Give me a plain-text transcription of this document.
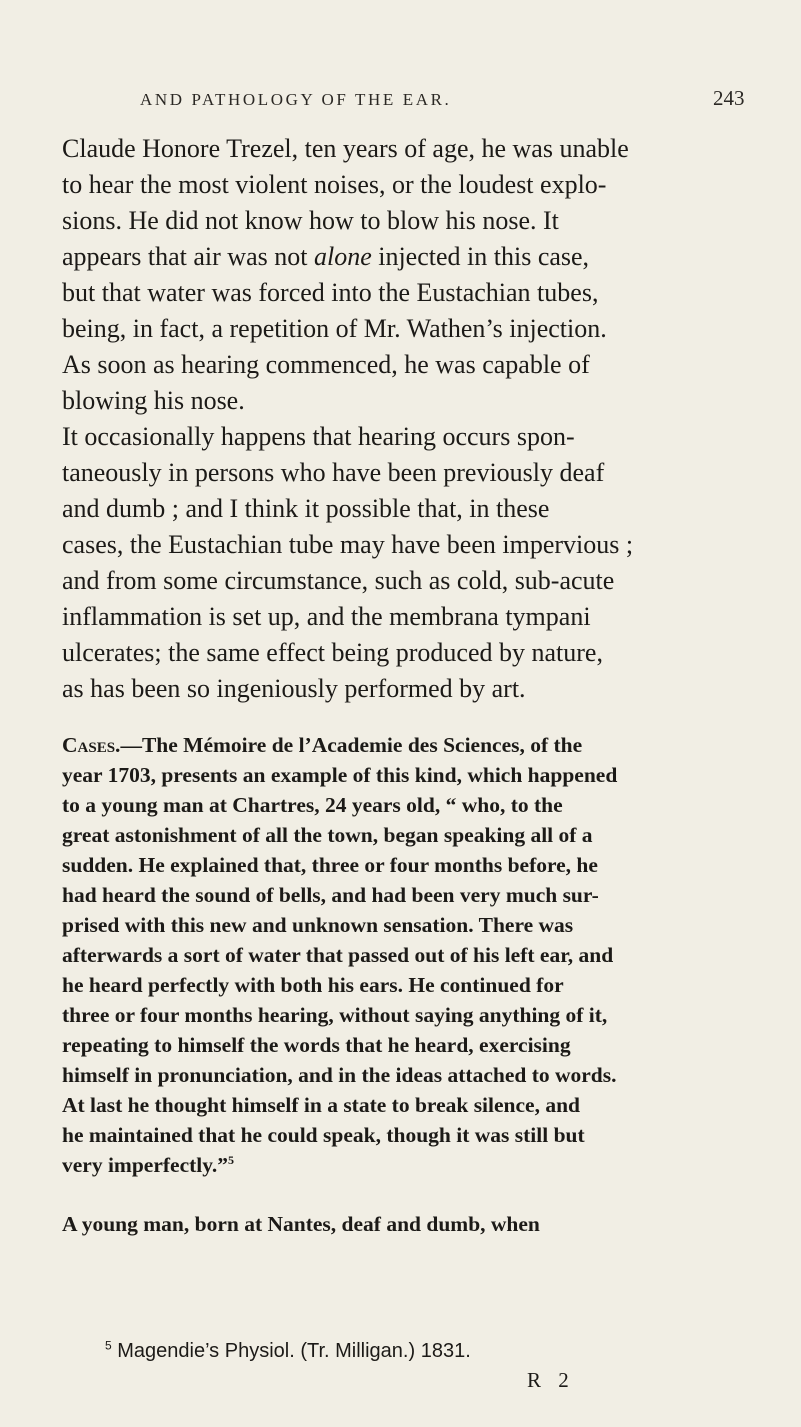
AND PATHOLOGY OF THE EAR.	243
Claude Honore Trezel, ten years of age, he was unable
to hear the most violent noises, or the loudest explo-
sions. He did not know how to blow his nose. It
appears that air was not alone injected in this case,
but that water was forced into the Eustachian tubes,
being, in fact, a repetition of Mr. Wathen’s injection.
As soon as hearing commenced, he was capable of
blowing his nose.
It occasionally happens that hearing occurs spon-
taneously in persons who have been previously deaf
and dumb ; and I think it possible that, in these
cases, the Eustachian tube may have been impervious ;
and from some circumstance, such as cold, sub-acute
inflammation is set up, and the membrana tympani
ulcerates; the same effect being produced by nature,
as has been so ingeniously performed by art.
Cases.—The Mémoire de l’Academie des Sciences, of the
year 1703, presents an example of this kind, which happened
to a young man at Chartres, 24 years old, “ who, to the
great astonishment of all the town, began speaking all of a
sudden. He explained that, three or four months before, he
had heard the sound of bells, and had been very much sur-
prised with this new and unknown sensation. There was
afterwards a sort of water that passed out of his left ear, and
he heard perfectly with both his ears. He continued for
three or four months hearing, without saying anything of it,
repeating to himself the words that he heard, exercising
himself in pronunciation, and in the ideas attached to words.
At last he thought himself in a state to break silence, and
he maintained that he could speak, though it was still but
very imperfectly.”$^5$
A young man, born at Nantes, deaf and dumb, when
$^5$ Magendie’s Physiol. (Tr. Milligan.) 1831.
R 2
